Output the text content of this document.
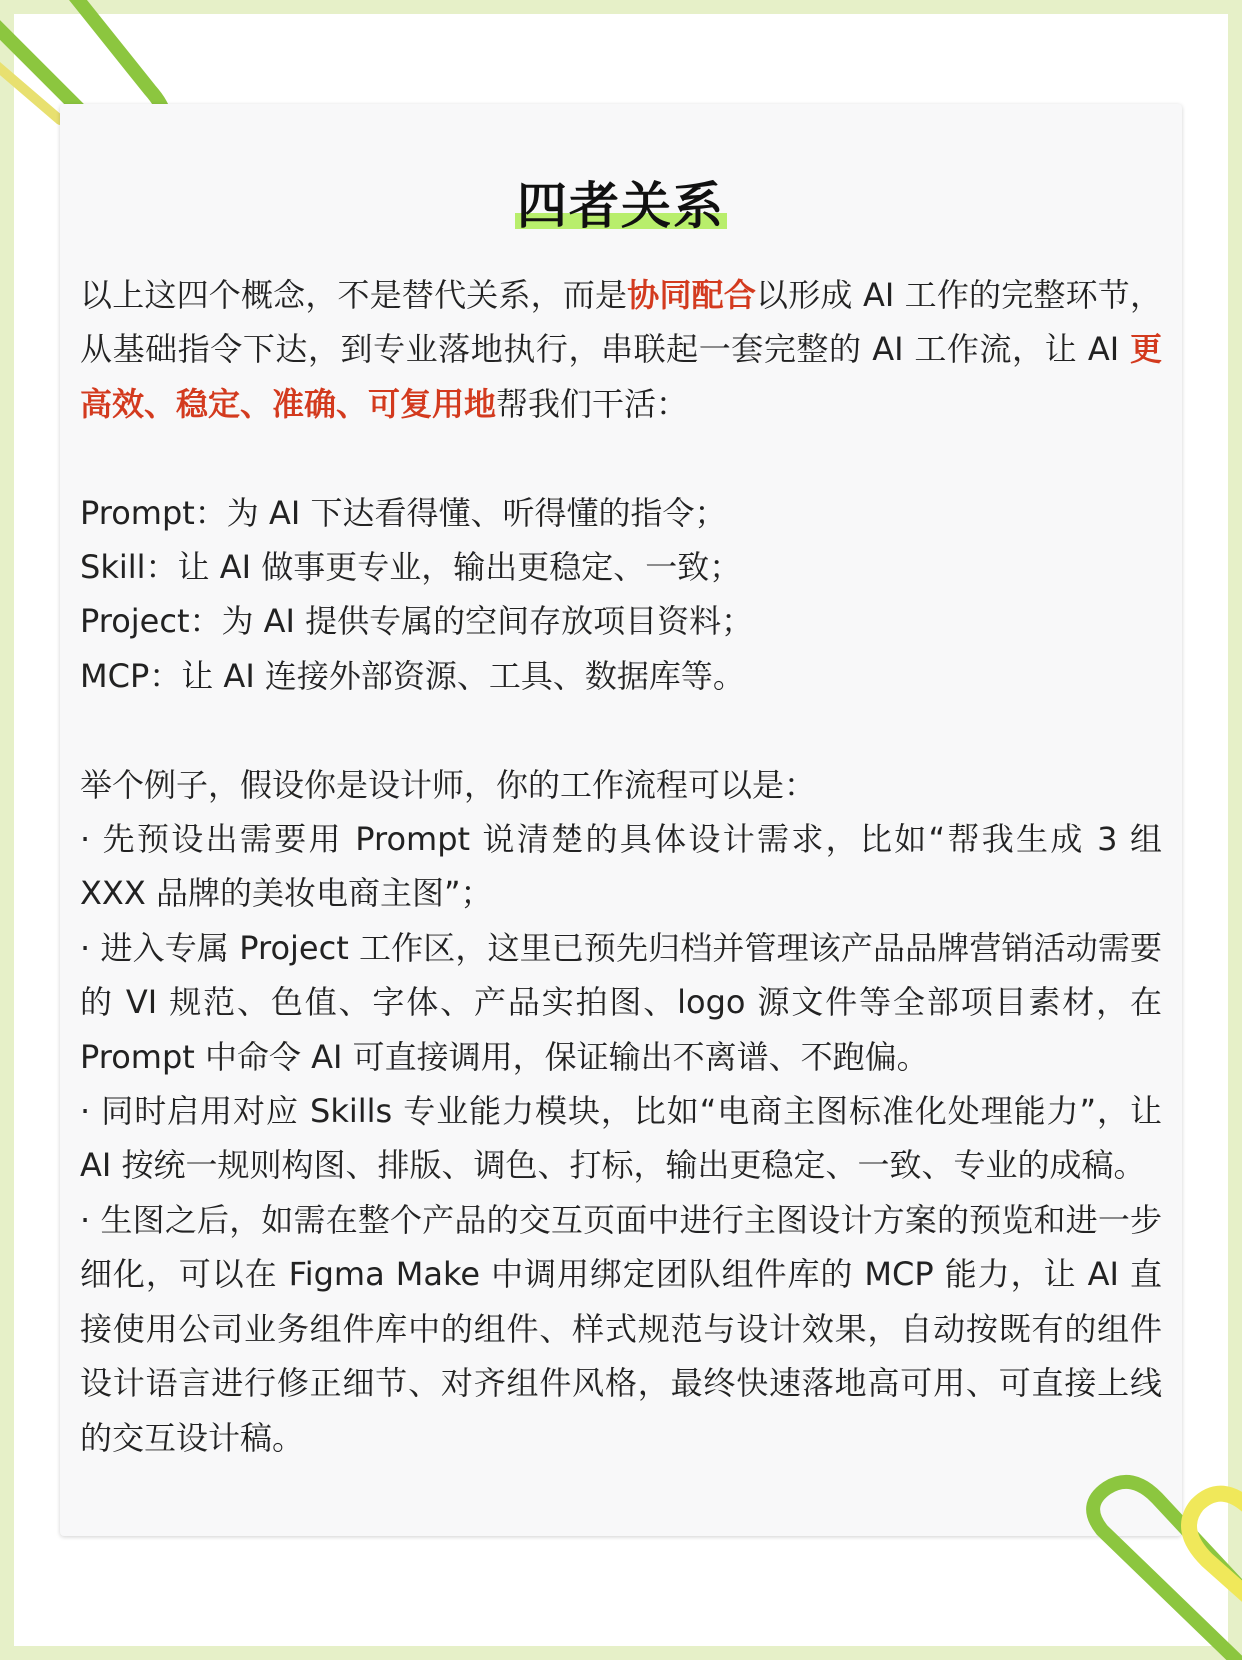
四者关系

以上这四个概念，不是替代关系，而是协同配合以形成 AI 工作的完整环节，从基础指令下达，到专业落地执行，串联起一套完整的 AI 工作流，让 AI 更高效、稳定、准确、可复用地帮我们干活：

Prompt：为 AI 下达看得懂、听得懂的指令；

Skill：让 AI 做事更专业，输出更稳定、一致；

Project：为 AI 提供专属的空间存放项目资料；

MCP：让 AI 连接外部资源、工具、数据库等。

举个例子，假设你是设计师，你的工作流程可以是：

· 先预设出需要用 Prompt 说清楚的具体设计需求，比如“帮我生成 3 组 XXX 品牌的美妆电商主图”；

· 进入专属 Project 工作区，这里已预先归档并管理该产品品牌营销活动需要的 VI 规范、色值、字体、产品实拍图、logo 源文件等全部项目素材，在 Prompt 中命令 AI 可直接调用，保证输出不离谱、不跑偏。

· 同时启用对应 Skills 专业能力模块，比如“电商主图标准化处理能力”，让 AI 按统一规则构图、排版、调色、打标，输出更稳定、一致、专业的成稿。

· 生图之后，如需在整个产品的交互页面中进行主图设计方案的预览和进一步细化，可以在 Figma Make 中调用绑定团队组件库的 MCP 能力，让 AI 直接使用公司业务组件库中的组件、样式规范与设计效果，自动按既有的组件设计语言进行修正细节、对齐组件风格，最终快速落地高可用、可直接上线的交互设计稿。
